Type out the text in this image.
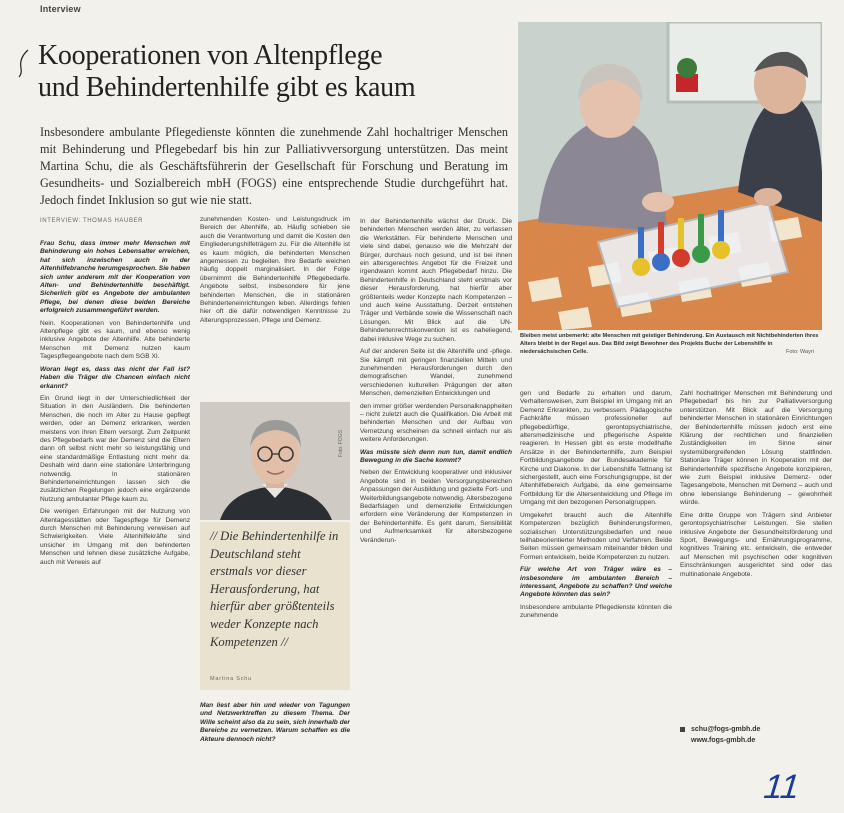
Interview
Kooperationen von Altenpflege
und Behindertenhilfe gibt es kaum
Insbesondere ambulante Pflegedienste könnten die zunehmende Zahl hochaltriger Menschen mit Behinderung und Pflegebedarf bis hin zur Palliativversorgung unterstützen. Das meint Martina Schu, die als Geschäftsführerin der Gesellschaft für Forschung und Beratung im Gesundheits- und Sozialbereich mbH (FOGS) eine entsprechende Studie durchgeführt hat. Jedoch findet Inklusion so gut wie nie statt.
INTERVIEW: THOMAS HAUBER

Frau Schu, dass immer mehr Menschen mit Behinderung ein hohes Lebensalter erreichen, hat sich inzwischen auch in der Altenhilfebranche herumgesprochen. Sie haben sich unter anderem mit der Kooperation von Alten- und Behindertenhilfe beschäftigt. Sicherlich gibt es Angebote der ambulanten Pflege, bei denen diese beiden Bereiche erfolgreich zusammengeführt werden.

Nein. Kooperationen von Behindertenhilfe und Altenpflege gibt es kaum, und ebenso wenig inklusive Angebote der Altenhilfe. Alte behinderte Menschen mit Demenz nutzen kaum Tagespflegeangebote nach dem SGB XI.

Woran liegt es, dass das nicht der Fall ist? Haben die Träger die Chancen einfach nicht erkannt?

Ein Grund liegt in der Unterschiedlichkeit der Situation in den Ausländern. Die behinderten Menschen, die noch im Alter zu Hause gepflegt werden, oder an Demenz erkranken, werden meistens von ihren Eltern versorgt. Zum Zeitpunkt des Pflegebedarfs war der Demenz sind die Eltern dann oft selbst nicht mehr so leistungsfähig und eine standardmäßige Entlastung nicht mehr da. Deshalb wird dann eine stationäre Unterbringung notwendig. In stationären Behinderteneinrichtungen lassen sich die zusätzlichen Regelungen jedoch eine ergänzende Nutzung ambulanter Pflege kaum zu.

Die wenigen Erfahrungen mit der Nutzung von Altentagesstätten oder Tagespflege für Demenz durch Menschen mit Behinderung verweisen auf Schwierigkeiten. Viele Altenhilfekräfte sind unsicher im Umgang mit den behinderten Menschen und lehnen diese zusätzliche Aufgabe, auch mit Verweis auf

zunehmenden Kosten- und Leistungsdruck im Bereich der Altenhilfe, ab. Häufig schieben sie auch die Verantwortung und damit die Kosten den Eingliederungshilfeträgern zu. Für die Altenhilfe ist es kaum möglich, die behinderten Menschen angemessen zu begleiten. Ihre Bedarfe weichen häufig doppelt marginalisiert. In der Folge übernimmt die Behindertenhilfe Pflegebedarfe. Angebote selbst, insbesondere für jene behinderten Menschen, die in stationären Behinderteneinrichtungen leben. Allerdings fehlen hier oft die dafür notwendigen Kenntnisse zu Alterungsprozessen, Pflege und Demenz.

Foto: FOGS
// Die Behindertenhilfe in Deutschland steht erstmals vor dieser Herausforderung, hat hierfür aber größtenteils weder Konzepte nach Kompetenzen //
Martina Schu

Man liest aber hin und wieder von Tagungen und Netzwerktreffen zu diesem Thema. Der Wille scheint also da zu sein, sich innerhalb der Bereiche zu vernetzen. Warum schaffen es die Akteure dennoch nicht?

In der Behindertenhilfe wächst der Druck. Die behinderten Menschen werden älter, zu verlassen die Werkstätten. Für behinderte Menschen und viele sind dabei, genauso wie die Mehrzahl der Bürger, durchaus noch gesund, und ist bei ihnen ein altersgerechtes Angebot für die Freizeit und irgendwann kommt auch Pflegebedarf hinzu. Die Behindertenhilfe in Deutschland steht erstmals vor dieser Herausforderung, hat hierfür aber größtenteils weder Konzepte nach Kompetenzen – und auch keine Ausstattung. Derzeit entstehen Träger und Verbände sowie die Wissenschaft nach Lösungen. Mit Blick auf die UN-Behindertenrechtskonvention ist es naheliegend, dabei inklusive Wege zu suchen.

Auf der anderen Seite ist die Altenhilfe und -pflege. Sie kämpft mit geringen finanziellen Mitteln und zunehmenden Herausforderungen durch den demografischen Wandel, zunehmend verschiedenen kulturellen Prägungen der alten Menschen, demenziellen Entwicklungen und

den immer größer werdenden Personalknappheiten – nicht zuletzt auch die Qualifikation. Die Arbeit mit behinderten Menschen und der Aufbau von Vernetzung erscheinen da schnell einfach nur als weitere Anforderungen.

Was müsste sich denn nun tun, damit endlich Bewegung in die Sache kommt?

Neben der Entwicklung kooperativer und inklusiver Angebote sind in beiden Versorgungsbereichen Anpassungen der Ausbildung und gezielte Fort- und Weiterbildungsangebote notwendig. Altersbezogene Bedarfslagen und demenzielle Entwicklungen erfordern eine Veränderung der Kompetenzen in der Behindertenhilfe. Es geht darum, Sensibilität und Aufmerksamkeit für altersbezogene Veränderun-

Bleiben meist unbemerkt: alte Menschen mit geistiger Behinderung. Ein Austausch mit Nichtbehinderten ihres Alters bleibt in der Regel aus. Das Bild zeigt Bewohner des Projekts Buche der Lebenshilfe in niedersächsischen Celle.	Foto: Wayri

gen und Bedarfe zu erhalten und darum, Verhaltensweisen, zum Beispiel im Umgang mit an Demenz Erkrankten, zu verbessern. Pädagogische Fachkräfte müssen professioneller auf pflegebedürftige, gerontopsychiatrische, altersmedizinische und pflegerische Aspekte reagieren. In Hessen gibt es erste modellhafte Ansätze in der Behindertenhilfe, zum Beispiel Fortbildungsangebote der Bundesakademie für Kirche und Diakonie. In der Lebenshilfe Tettnang ist sichergestellt, auch eine Forschungsgruppe, ist der Altenhilfebereich Aufgabe, da eine gemeinsame Fortbildung für die Altersentwicklung und Pflege im Umgang mit den bezogenen Personalgruppen.

Umgekehrt braucht auch die Altenhilfe Kompetenzen bezüglich Behinderungsformen, sozialischen Unterstützungsbedarfen und neue teilhabeorientierter Methoden und Verfahren. Beide Seiten müssen gemeinsam miteinander bilden und Formen entwickeln, beide Kompetenzen zu nutzen.

Für welche Art von Träger wäre es – insbesondere im ambulanten Bereich – interessant, Angebote zu schaffen? Und welche Angebote könnten das sein?

Insbesondere ambulante Pflegedienste könnten die zunehmende

Zahl hochaltriger Menschen mit Behinderung und Pflegebedarf bis hin zur Palliativversorgung unterstützen. Mit Blick auf die Versorgung behinderter Menschen in stationären Einrichtungen der Behindertenhilfe müssen jedoch erst eine Klärung der rechtlichen und finanziellen Zuständigkeiten im Sinne einer systemübergreifenden Lösung stattfinden. Stationäre Träger können in Kooperation mit der Behindertenhilfe spezifische Angebote konzipieren, wie zum Beispiel inklusive Demenz- oder Tagesangebote, Menschen mit Demenz – auch und ohne lebenslange Behinderung – gewohnheit würde.

Eine dritte Gruppe von Trägern sind Anbieter gerontopsychiatrischer Leistungen. Sie stellen inklusive Angebote der Gesundheitsförderung und Sport, Bewegungs- und Ernährungsprogramme, kognitives Training etc. entwickeln, die entweder auf Menschen mit psychischen oder kognitiven Einschränkungen ausgerichtet sind oder das multinationale Angebote.

schu@fogs-gmbh.de
www.fogs-gmbh.de
11
